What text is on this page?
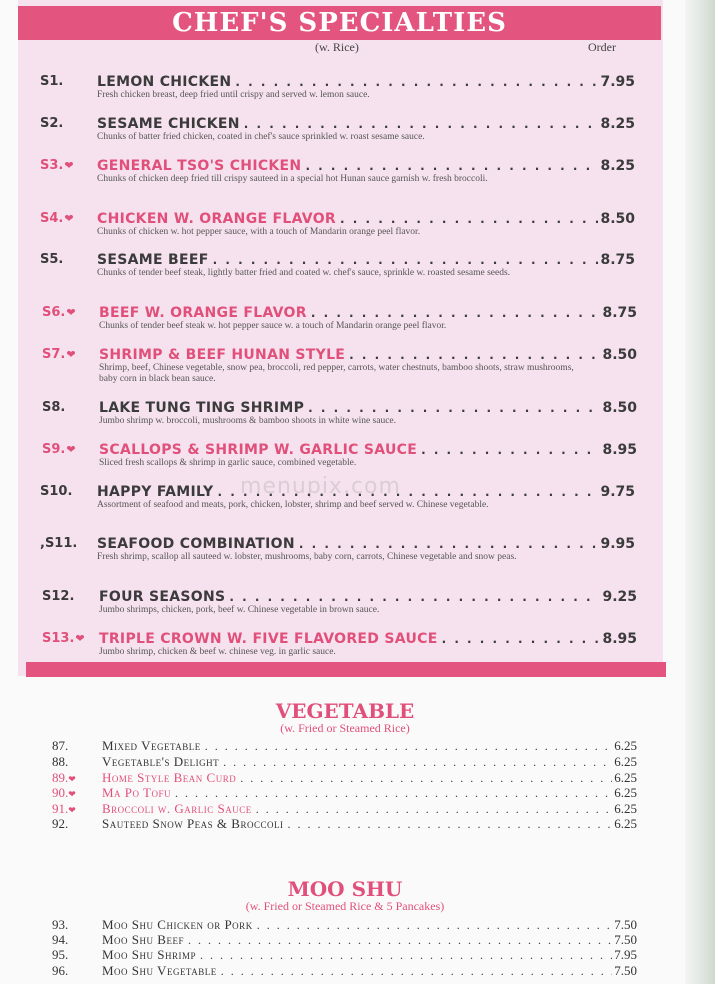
CHEF'S SPECIALTIES
(w. Rice)	Order
menupix.com
S1.	LEMON CHICKEN . . .	7.95
Fresh chicken breast, deep fried until crispy and served w. lemon sauce.
S2.	SESAME CHICKEN . . .	8.25
Chunks of batter fried chicken, coated in chef's sauce sprinkled w. roast sesame sauce.
S3.❤	GENERAL TSO'S CHICKEN . . .	8.25
Chunks of chicken deep fried till crispy sauteed in a special hot Hunan sauce garnish w. fresh broccoli.
S4.❤	CHICKEN W. ORANGE FLAVOR . . .	8.50
Chunks of chicken w. hot pepper sauce, with a touch of Mandarin orange peel flavor.
S5.	SESAME BEEF . . .	8.75
Chunks of tender beef steak, lightly batter fried and coated w. chef's sauce, sprinkle w. roasted sesame seeds.
S6.❤	BEEF W. ORANGE FLAVOR . . .	8.75
Chunks of tender beef steak w. hot pepper sauce w. a touch of Mandarin orange peel flavor.
S7.❤	SHRIMP & BEEF HUNAN STYLE . . .	8.50
Shrimp, beef, Chinese vegetable, snow pea, broccoli, red pepper, carrots, water chestnuts, bamboo shoots, straw mushrooms, baby corn in black bean sauce.
S8.	LAKE TUNG TING SHRIMP . . .	8.50
Jumbo shrimp w. broccoli, mushrooms & bamboo shoots in white wine sauce.
S9.❤	SCALLOPS & SHRIMP W. GARLIC SAUCE . . .	8.95
Sliced fresh scallops & shrimp in garlic sauce, combined vegetable.
S10.	HAPPY FAMILY . . .	9.75
Assortment of seafood and meats, pork, chicken, lobster, shrimp and beef served w. Chinese vegetable.
,S11.	SEAFOOD COMBINATION . . .	9.95
Fresh shrimp, scallop all sauteed w. lobster, mushrooms, baby corn, carrots, Chinese vegetable and snow peas.
S12.	FOUR SEASONS . . .	9.25
Jumbo shrimps, chicken, pork, beef w. Chinese vegetable in brown sauce.
S13.❤	TRIPLE CROWN W. FIVE FLAVORED SAUCE . . .	8.95
Jumbo shrimp, chicken & beef w. chinese veg. in garlic sauce.
VEGETABLE
(w. Fried or Steamed Rice)
87.	Mixed Vegetable . . .	6.25
88.	Vegetable's Delight . . .	6.25
89.❤	Home Style Bean Curd . . .	6.25
90.❤	Ma Po Tofu . . .	6.25
91.❤	Broccoli w. Garlic Sauce . . .	6.25
92.	Sauteed Snow Peas & Broccoli . . .	6.25
MOO SHU
(w. Fried or Steamed Rice & 5 Pancakes)
93.	Moo Shu Chicken or Pork . . .	7.50
94.	Moo Shu Beef . . .	7.50
95.	Moo Shu Shrimp . . .	7.95
96.	Moo Shu Vegetable . . .	7.50
